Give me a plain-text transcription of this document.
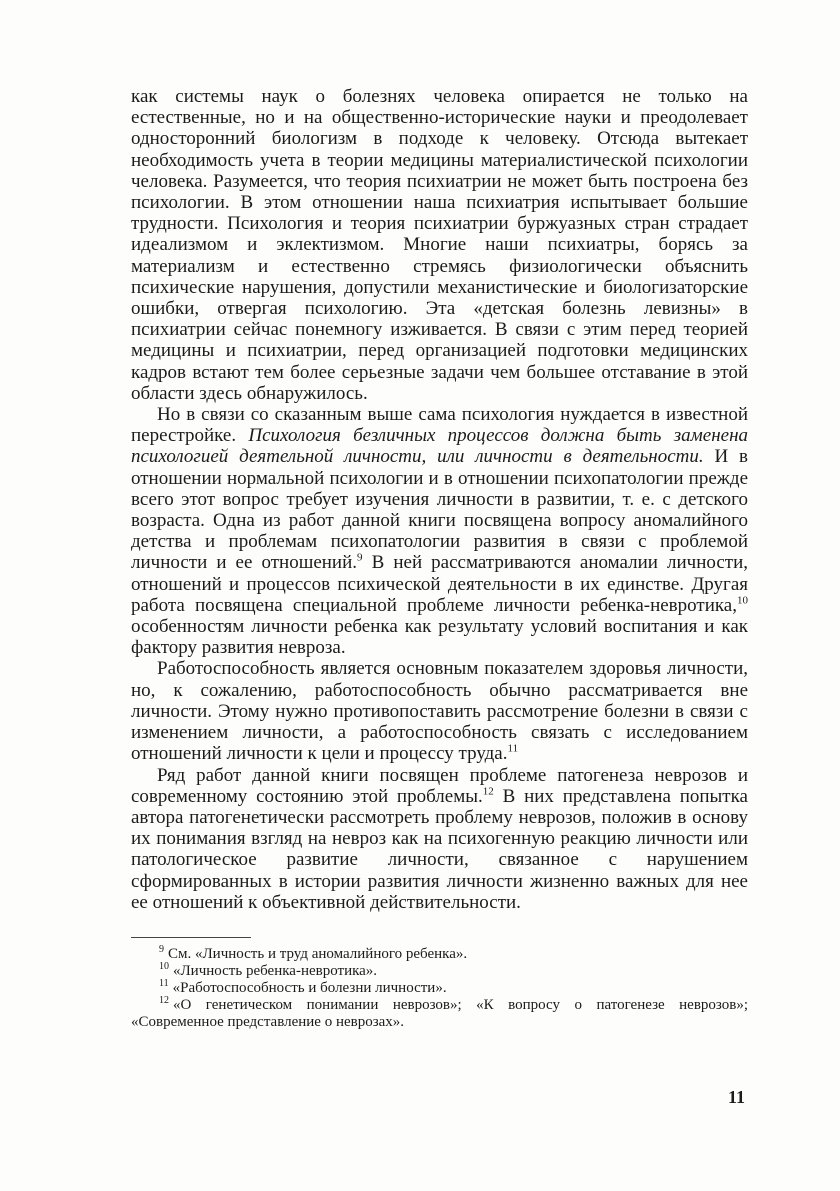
как системы наук о болезнях человека опирается не только на естественные, но и на общественно-исторические науки и преодолевает односторонний биологизм в подходе к человеку. Отсюда вытекает необходимость учета в теории медицины материалистической психологии человека. Разумеется, что теория психиатрии не может быть построена без психологии. В этом отношении наша психиатрия испытывает большие трудности. Психология и теория психиатрии буржуазных стран страдает идеализмом и эклектизмом. Многие наши психиатры, борясь за материализм и естественно стремясь физиологически объяснить психические нарушения, допустили механистические и биологизаторские ошибки, отвергая психологию. Эта «детская болезнь левизны» в психиатрии сейчас понемногу изживается. В связи с этим перед теорией медицины и психиатрии, перед организацией подготовки медицинских кадров встают тем более серьезные задачи чем большее отставание в этой области здесь обнаружилось.

Но в связи со сказанным выше сама психология нуждается в известной перестройке. Психология безличных процессов должна быть заменена психологией деятельной личности, или личности в деятельности. И в отношении нормальной психологии и в отношении психопатологии прежде всего этот вопрос требует изучения личности в развитии, т. е. с детского возраста. Одна из работ данной книги посвящена вопросу аномалийного детства и проблемам психопатологии развития в связи с проблемой личности и ее отношений.$^9$ В ней рассматриваются аномалии личности, отношений и процессов психической деятельности в их единстве. Другая работа посвящена специальной проблеме личности ребенка-невротика,$^{10}$ особенностям личности ребенка как результату условий воспитания и как фактору развития невроза.

Работоспособность является основным показателем здоровья личности, но, к сожалению, работоспособность обычно рассматривается вне личности. Этому нужно противопоставить рассмотрение болезни в связи с изменением личности, а работоспособность связать с исследованием отношений личности к цели и процессу труда.$^{11}$

Ряд работ данной книги посвящен проблеме патогенеза неврозов и современному состоянию этой проблемы.$^{12}$ В них представлена попытка автора патогенетически рассмотреть проблему неврозов, положив в основу их понимания взгляд на невроз как на психогенную реакцию личности или патологическое развитие личности, связанное с нарушением сформированных в истории развития личности жизненно важных для нее ее отношений к объективной действительности.

$^9$ См. «Личность и труд аномалийного ребенка».

$^{10}$ «Личность ребенка-невротика».

$^{11}$ «Работоспособность и болезни личности».

$^{12}$ «О генетическом понимании неврозов»; «К вопросу о патогенезе неврозов»; «Современное представление о неврозах».

11
